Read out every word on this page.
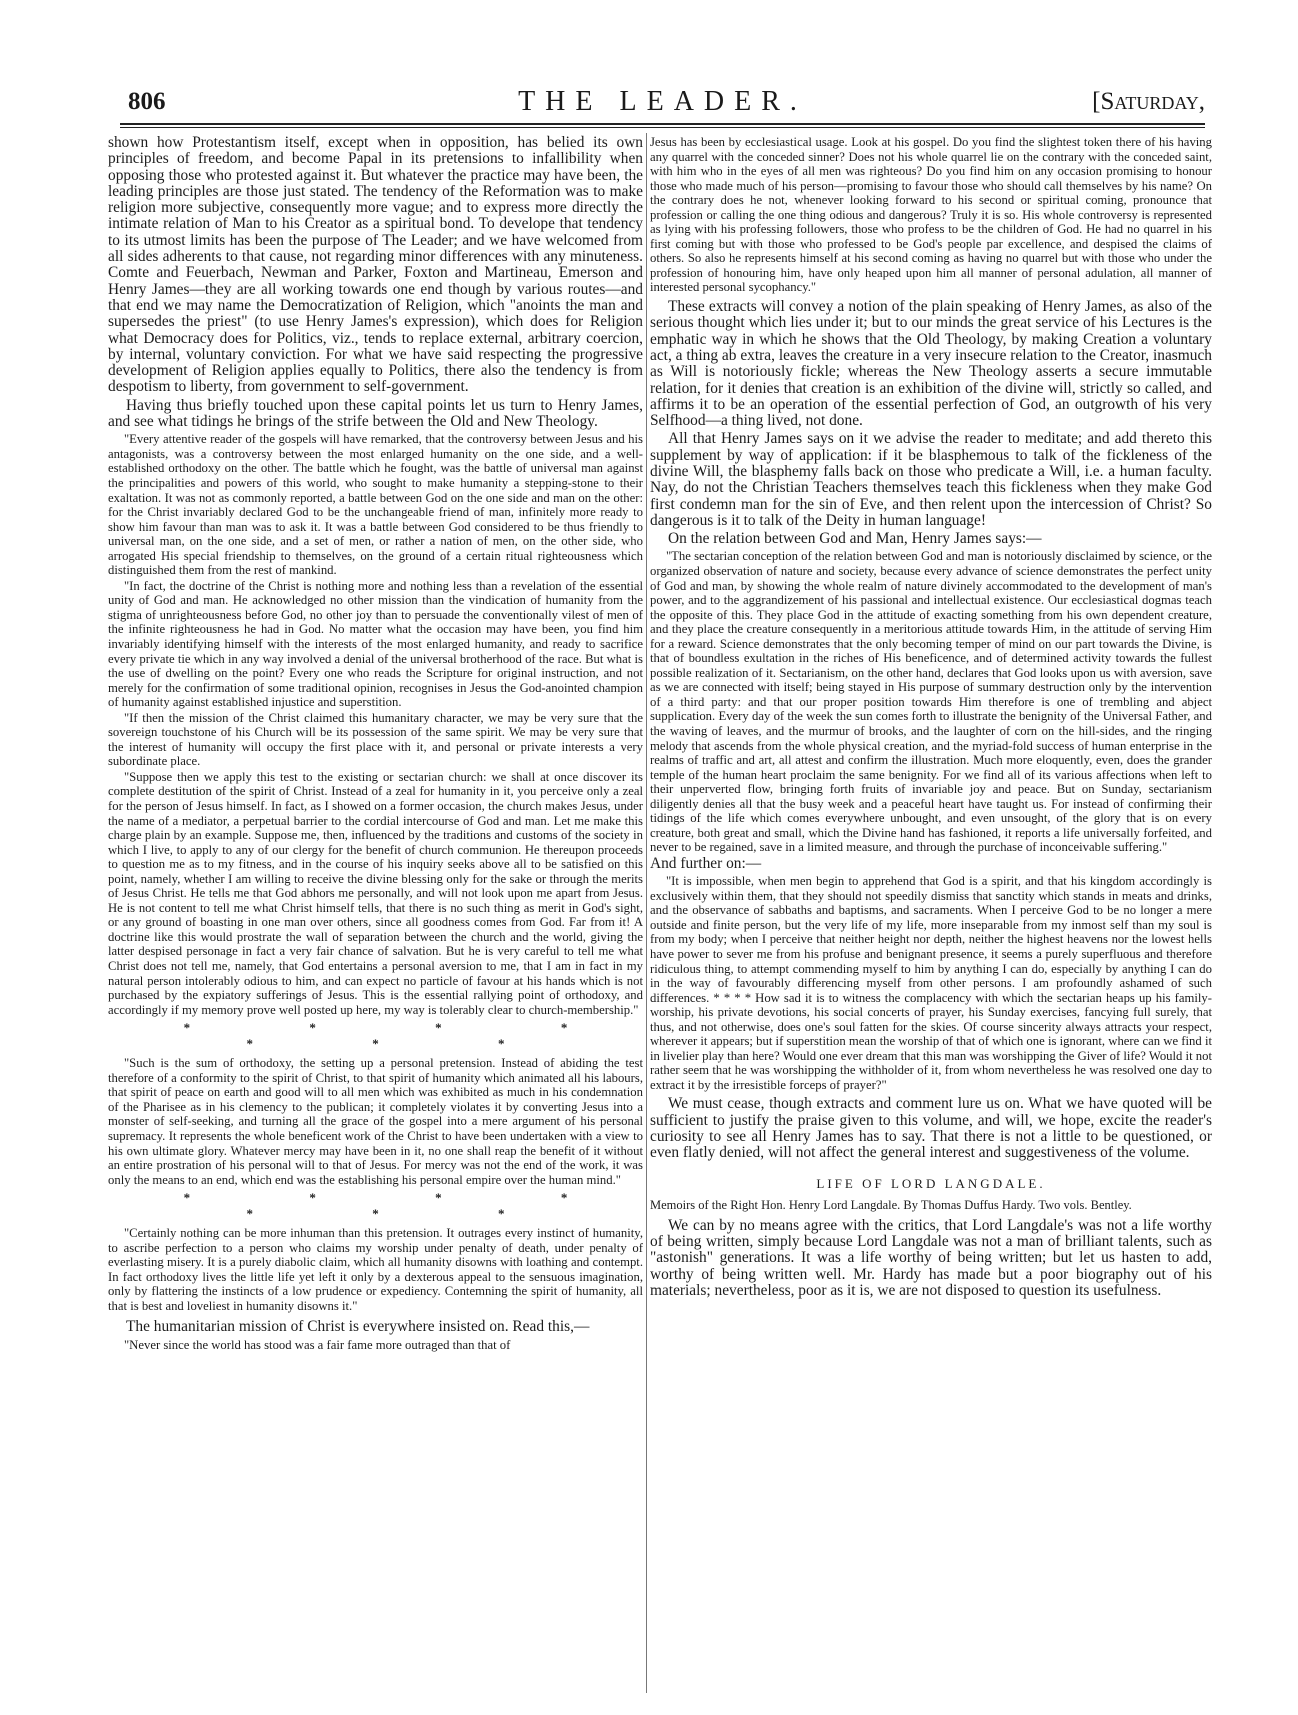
806	THE LEADER.	[Saturday,

shown how Protestantism itself, except when in opposition, has belied its own principles of freedom, and become Papal in its pretensions to infallibility when opposing those who protested against it. But whatever the practice may have been, the leading principles are those just stated. The tendency of the Reformation was to make religion more subjective, consequently more vague; and to express more directly the intimate relation of Man to his Creator as a spiritual bond. To develope that tendency to its utmost limits has been the purpose of The Leader; and we have welcomed from all sides adherents to that cause, not regarding minor differences with any minuteness. Comte and Feuerbach, Newman and Parker, Foxton and Martineau, Emerson and Henry James—they are all working towards one end though by various routes—and that end we may name the Democratization of Religion, which "anoints the man and supersedes the priest" (to use Henry James's expression), which does for Religion what Democracy does for Politics, viz., tends to replace external, arbitrary coercion, by internal, voluntary conviction. For what we have said respecting the progressive development of Religion applies equally to Politics, there also the tendency is from despotism to liberty, from government to self-government.

Having thus briefly touched upon these capital points let us turn to Henry James, and see what tidings he brings of the strife between the Old and New Theology.

"Every attentive reader of the gospels will have remarked, that the controversy between Jesus and his antagonists, was a controversy between the most enlarged humanity on the one side, and a well-established orthodoxy on the other. The battle which he fought, was the battle of universal man against the principalities and powers of this world, who sought to make humanity a stepping-stone to their exaltation. It was not as commonly reported, a battle between God on the one side and man on the other: for the Christ invariably declared God to be the unchangeable friend of man, infinitely more ready to show him favour than man was to ask it. It was a battle between God considered to be thus friendly to universal man, on the one side, and a set of men, or rather a nation of men, on the other side, who arrogated His special friendship to themselves, on the ground of a certain ritual righteousness which distinguished them from the rest of mankind.

"In fact, the doctrine of the Christ is nothing more and nothing less than a revelation of the essential unity of God and man. He acknowledged no other mission than the vindication of humanity from the stigma of unrighteousness before God, no other joy than to persuade the conventionally vilest of men of the infinite righteousness he had in God. No matter what the occasion may have been, you find him invariably identifying himself with the interests of the most enlarged humanity, and ready to sacrifice every private tie which in any way involved a denial of the universal brotherhood of the race. But what is the use of dwelling on the point? Every one who reads the Scripture for original instruction, and not merely for the confirmation of some traditional opinion, recognises in Jesus the God-anointed champion of humanity against established injustice and superstition.

"If then the mission of the Christ claimed this humanitary character, we may be very sure that the sovereign touchstone of his Church will be its possession of the same spirit. We may be very sure that the interest of humanity will occupy the first place with it, and personal or private interests a very subordinate place.

"Suppose then we apply this test to the existing or sectarian church: we shall at once discover its complete destitution of the spirit of Christ. Instead of a zeal for humanity in it, you perceive only a zeal for the person of Jesus himself. In fact, as I showed on a former occasion, the church makes Jesus, under the name of a mediator, a perpetual barrier to the cordial intercourse of God and man. Let me make this charge plain by an example. Suppose me, then, influenced by the traditions and customs of the society in which I live, to apply to any of our clergy for the benefit of church communion. He thereupon proceeds to question me as to my fitness, and in the course of his inquiry seeks above all to be satisfied on this point, namely, whether I am willing to receive the divine blessing only for the sake or through the merits of Jesus Christ. He tells me that God abhors me personally, and will not look upon me apart from Jesus. He is not content to tell me what Christ himself tells, that there is no such thing as merit in God's sight, or any ground of boasting in one man over others, since all goodness comes from God. Far from it! A doctrine like this would prostrate the wall of separation between the church and the world, giving the latter despised personage in fact a very fair chance of salvation. But he is very careful to tell me what Christ does not tell me, namely, that God entertains a personal aversion to me, that I am in fact in my natural person intolerably odious to him, and can expect no particle of favour at his hands which is not purchased by the expiatory sufferings of Jesus. This is the essential rallying point of orthodoxy, and accordingly if my memory prove well posted up here, my way is tolerably clear to church-membership."

* * * * * * *

"Such is the sum of orthodoxy, the setting up a personal pretension. Instead of abiding the test therefore of a conformity to the spirit of Christ, to that spirit of humanity which animated all his labours, that spirit of peace on earth and good will to all men which was exhibited as much in his condemnation of the Pharisee as in his clemency to the publican; it completely violates it by converting Jesus into a monster of self-seeking, and turning all the grace of the gospel into a mere argument of his personal supremacy. It represents the whole beneficent work of the Christ to have been undertaken with a view to his own ultimate glory. Whatever mercy may have been in it, no one shall reap the benefit of it without an entire prostration of his personal will to that of Jesus. For mercy was not the end of the work, it was only the means to an end, which end was the establishing his personal empire over the human mind."

* * * * * * *

"Certainly nothing can be more inhuman than this pretension. It outrages every instinct of humanity, to ascribe perfection to a person who claims my worship under penalty of death, under penalty of everlasting misery. It is a purely diabolic claim, which all humanity disowns with loathing and contempt. In fact orthodoxy lives the little life yet left it only by a dexterous appeal to the sensuous imagination, only by flattering the instincts of a low prudence or expediency. Contemning the spirit of humanity, all that is best and loveliest in humanity disowns it."

The humanitarian mission of Christ is everywhere insisted on. Read this,—

"Never since the world has stood was a fair fame more outraged than that of

Jesus has been by ecclesiastical usage. Look at his gospel. Do you find the slightest token there of his having any quarrel with the conceded sinner? Does not his whole quarrel lie on the contrary with the conceded saint, with him who in the eyes of all men was righteous? Do you find him on any occasion promising to honour those who made much of his person—promising to favour those who should call themselves by his name? On the contrary does he not, whenever looking forward to his second or spiritual coming, pronounce that profession or calling the one thing odious and dangerous? Truly it is so. His whole controversy is represented as lying with his professing followers, those who profess to be the children of God. He had no quarrel in his first coming but with those who professed to be God's people par excellence, and despised the claims of others. So also he represents himself at his second coming as having no quarrel but with those who under the profession of honouring him, have only heaped upon him all manner of personal adulation, all manner of interested personal sycophancy."

These extracts will convey a notion of the plain speaking of Henry James, as also of the serious thought which lies under it; but to our minds the great service of his Lectures is the emphatic way in which he shows that the Old Theology, by making Creation a voluntary act, a thing ab extra, leaves the creature in a very insecure relation to the Creator, inasmuch as Will is notoriously fickle; whereas the New Theology asserts a secure immutable relation, for it denies that creation is an exhibition of the divine will, strictly so called, and affirms it to be an operation of the essential perfection of God, an outgrowth of his very Selfhood—a thing lived, not done.

All that Henry James says on it we advise the reader to meditate; and add thereto this supplement by way of application: if it be blasphemous to talk of the fickleness of the divine Will, the blasphemy falls back on those who predicate a Will, i.e. a human faculty. Nay, do not the Christian Teachers themselves teach this fickleness when they make God first condemn man for the sin of Eve, and then relent upon the intercession of Christ? So dangerous is it to talk of the Deity in human language!

On the relation between God and Man, Henry James says:—

"The sectarian conception of the relation between God and man is notoriously disclaimed by science, or the organized observation of nature and society, because every advance of science demonstrates the perfect unity of God and man, by showing the whole realm of nature divinely accommodated to the development of man's power, and to the aggrandizement of his passional and intellectual existence. Our ecclesiastical dogmas teach the opposite of this. They place God in the attitude of exacting something from his own dependent creature, and they place the creature consequently in a meritorious attitude towards Him, in the attitude of serving Him for a reward. Science demonstrates that the only becoming temper of mind on our part towards the Divine, is that of boundless exultation in the riches of His beneficence, and of determined activity towards the fullest possible realization of it. Sectarianism, on the other hand, declares that God looks upon us with aversion, save as we are connected with itself; being stayed in His purpose of summary destruction only by the intervention of a third party: and that our proper position towards Him therefore is one of trembling and abject supplication. Every day of the week the sun comes forth to illustrate the benignity of the Universal Father, and the waving of leaves, and the murmur of brooks, and the laughter of corn on the hill-sides, and the ringing melody that ascends from the whole physical creation, and the myriad-fold success of human enterprise in the realms of traffic and art, all attest and confirm the illustration. Much more eloquently, even, does the grander temple of the human heart proclaim the same benignity. For we find all of its various affections when left to their unperverted flow, bringing forth fruits of invariable joy and peace. But on Sunday, sectarianism diligently denies all that the busy week and a peaceful heart have taught us. For instead of confirming their tidings of the life which comes everywhere unbought, and even unsought, of the glory that is on every creature, both great and small, which the Divine hand has fashioned, it reports a life universally forfeited, and never to be regained, save in a limited measure, and through the purchase of inconceivable suffering."

And further on:—

"It is impossible, when men begin to apprehend that God is a spirit, and that his kingdom accordingly is exclusively within them, that they should not speedily dismiss that sanctity which stands in meats and drinks, and the observance of sabbaths and baptisms, and sacraments. When I perceive God to be no longer a mere outside and finite person, but the very life of my life, more inseparable from my inmost self than my soul is from my body; when I perceive that neither height nor depth, neither the highest heavens nor the lowest hells have power to sever me from his profuse and benignant presence, it seems a purely superfluous and therefore ridiculous thing, to attempt commending myself to him by anything I can do, especially by anything I can do in the way of favourably differencing myself from other persons. I am profoundly ashamed of such differences. * * * * How sad it is to witness the complacency with which the sectarian heaps up his family-worship, his private devotions, his social concerts of prayer, his Sunday exercises, fancying full surely, that thus, and not otherwise, does one's soul fatten for the skies. Of course sincerity always attracts your respect, wherever it appears; but if superstition mean the worship of that of which one is ignorant, where can we find it in livelier play than here? Would one ever dream that this man was worshipping the Giver of life? Would it not rather seem that he was worshipping the withholder of it, from whom nevertheless he was resolved one day to extract it by the irresistible forceps of prayer?"

We must cease, though extracts and comment lure us on. What we have quoted will be sufficient to justify the praise given to this volume, and will, we hope, excite the reader's curiosity to see all Henry James has to say. That there is not a little to be questioned, or even flatly denied, will not affect the general interest and suggestiveness of the volume.

LIFE OF LORD LANGDALE.

Memoirs of the Right Hon. Henry Lord Langdale. By Thomas Duffus Hardy. Two vols. Bentley.

We can by no means agree with the critics, that Lord Langdale's was not a life worthy of being written, simply because Lord Langdale was not a man of brilliant talents, such as "astonish" generations. It was a life worthy of being written; but let us hasten to add, worthy of being written well. Mr. Hardy has made but a poor biography out of his materials; nevertheless, poor as it is, we are not disposed to question its usefulness.
